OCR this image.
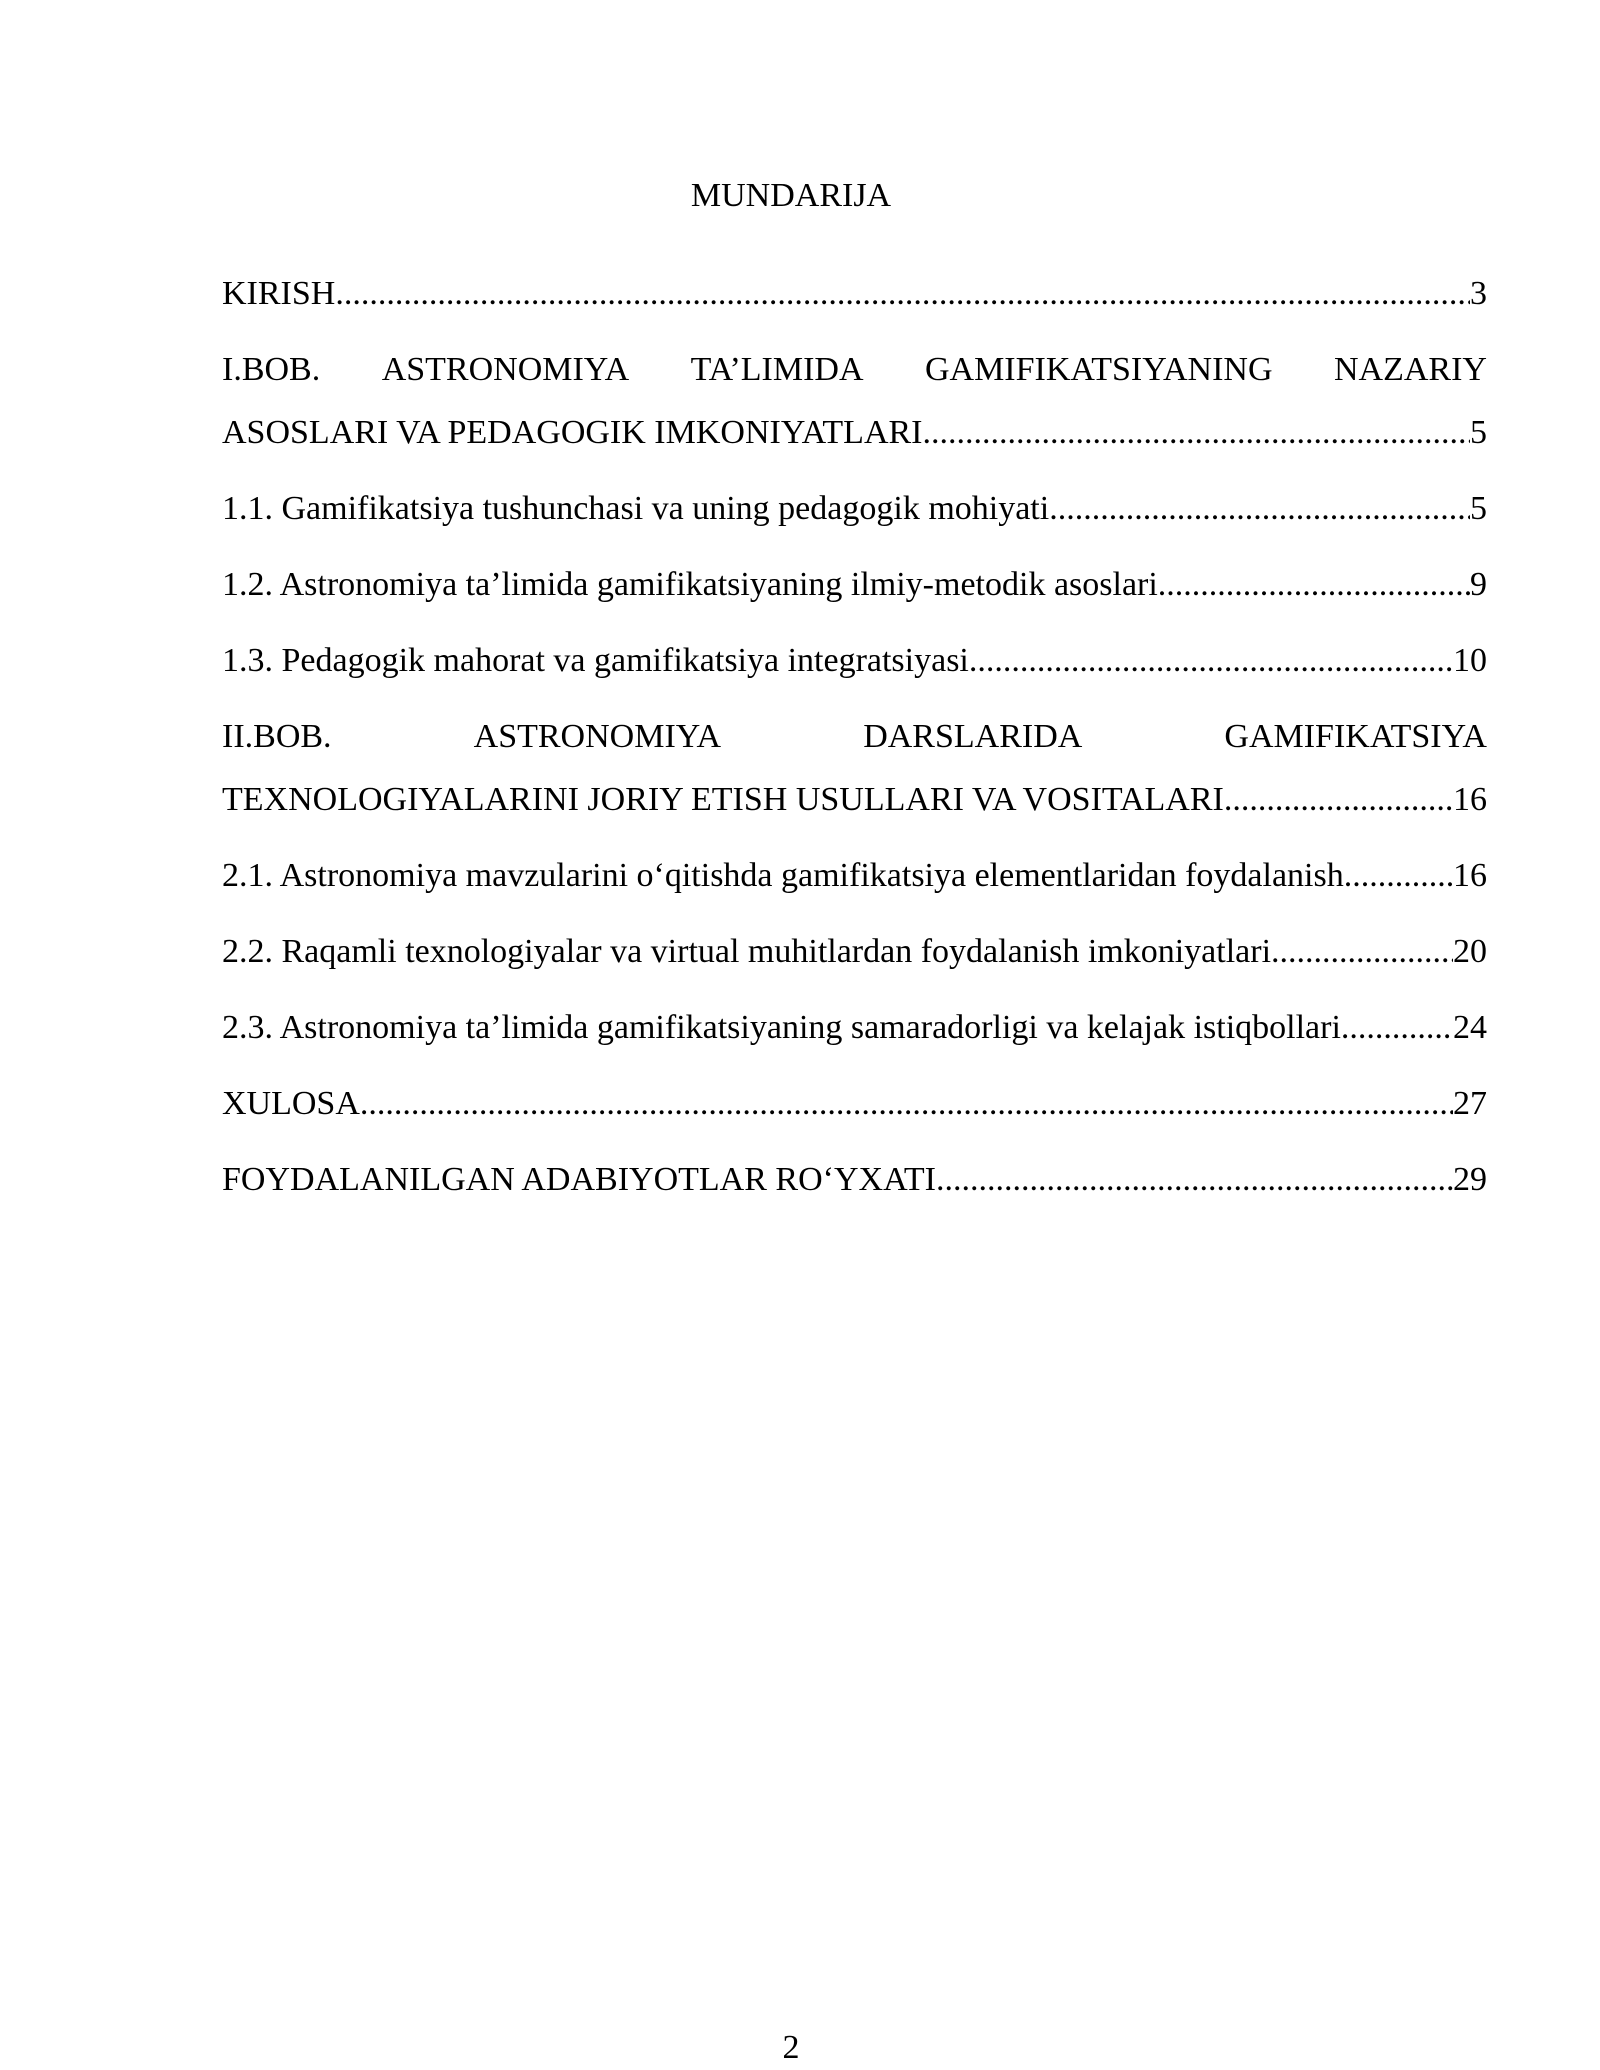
MUNDARIJA
KIRISH .....	3
I.BOB. ASTRONOMIYA TA’LIMIDA GAMIFIKATSIYANING NAZARIY
ASOSLARI VA PEDAGOGIK IMKONIYATLARI .....	5
1.1. Gamifikatsiya tushunchasi va uning pedagogik mohiyati .....	5
1.2. Astronomiya ta’limida gamifikatsiyaning ilmiy-metodik asoslari .....	9
1.3. Pedagogik mahorat va gamifikatsiya integratsiyasi .....	10
II.BOB.	ASTRONOMIYA	DARSLARIDA	GAMIFIKATSIYA
TEXNOLOGIYALARINI JORIY ETISH USULLARI VA VOSITALARI .....	16
2.1. Astronomiya mavzularini o‘qitishda gamifikatsiya elementlaridan foydalanish .....	16
2.2. Raqamli texnologiyalar va virtual muhitlardan foydalanish imkoniyatlari .....	20
2.3. Astronomiya ta’limida gamifikatsiyaning samaradorligi va kelajak istiqbollari .....	24
XULOSA .....	27
FOYDALANILGAN ADABIYOTLAR RO‘YXATI .....	29
2
